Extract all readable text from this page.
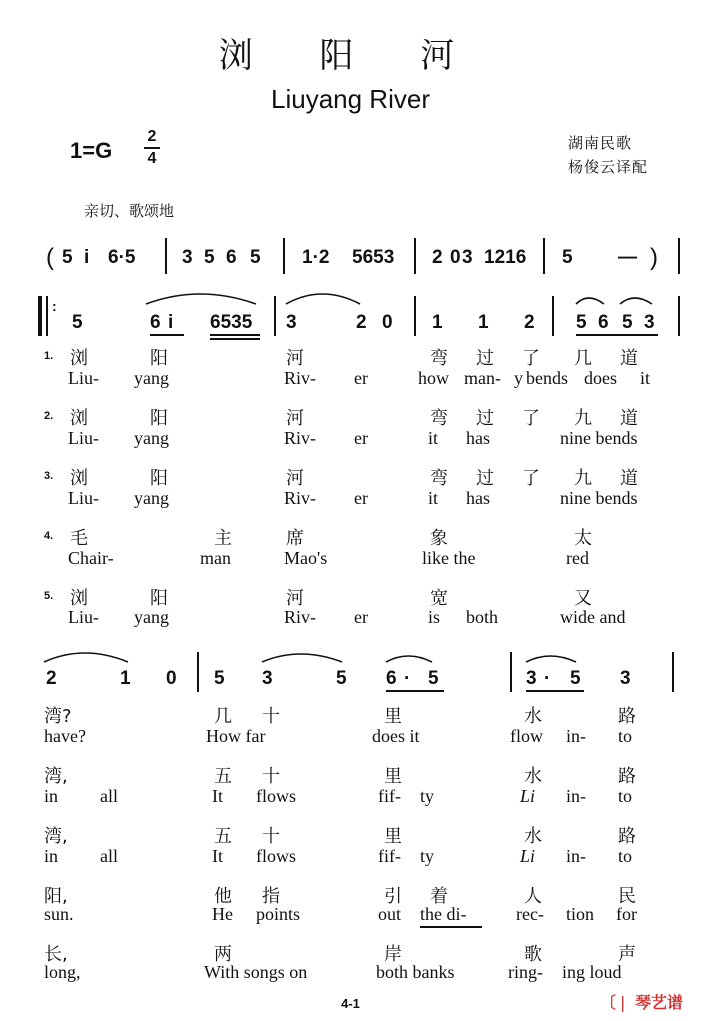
浏 阳 河
Liuyang River
1=G
2
4
湖南民歌
杨俊云译配
亲切、歌颂地
( 5 i 6·5 3 5 6 5 1·2 5653 2 0 3 1216 5 — )
:
5	6 i 6535 3	2 0 1 1 2 5 6 5 3
1. 浏	阳	河	弯 过 了 几 道
Liu- yang	Riv- er	how man- y bends does it
2. 浏	阳	河	弯 过 了 九 道
Liu- yang	Riv- er	it has	nine bends
3. 浏	阳	河	弯 过 了 九 道
Liu- yang	Riv- er	it has	nine bends
4. 毛	主	席	象	太
Chair-	man	Mao's	like the	red
5. 浏	阳	河	宽	又
Liu- yang	Riv- er	is both	wide and
2	1 0 5 3	5 6 · 5	3 · 5 3
湾?	几 十	里	水	路
have?	How far	does it	flow in- to
湾,	五 十	里	水	路
in all	It flows	fif- ty	Li in- to
湾,	五 十	里	水	路
in all	It flows	fif- ty	Li in- to
阳,	他 指	引 着	人	民
sun.	He points	out the di-	rec- tion for
长,	两	岸	歌	声
long,	With songs on	both banks	ring- ing loud
4-1	〔❘ 琴艺谱
